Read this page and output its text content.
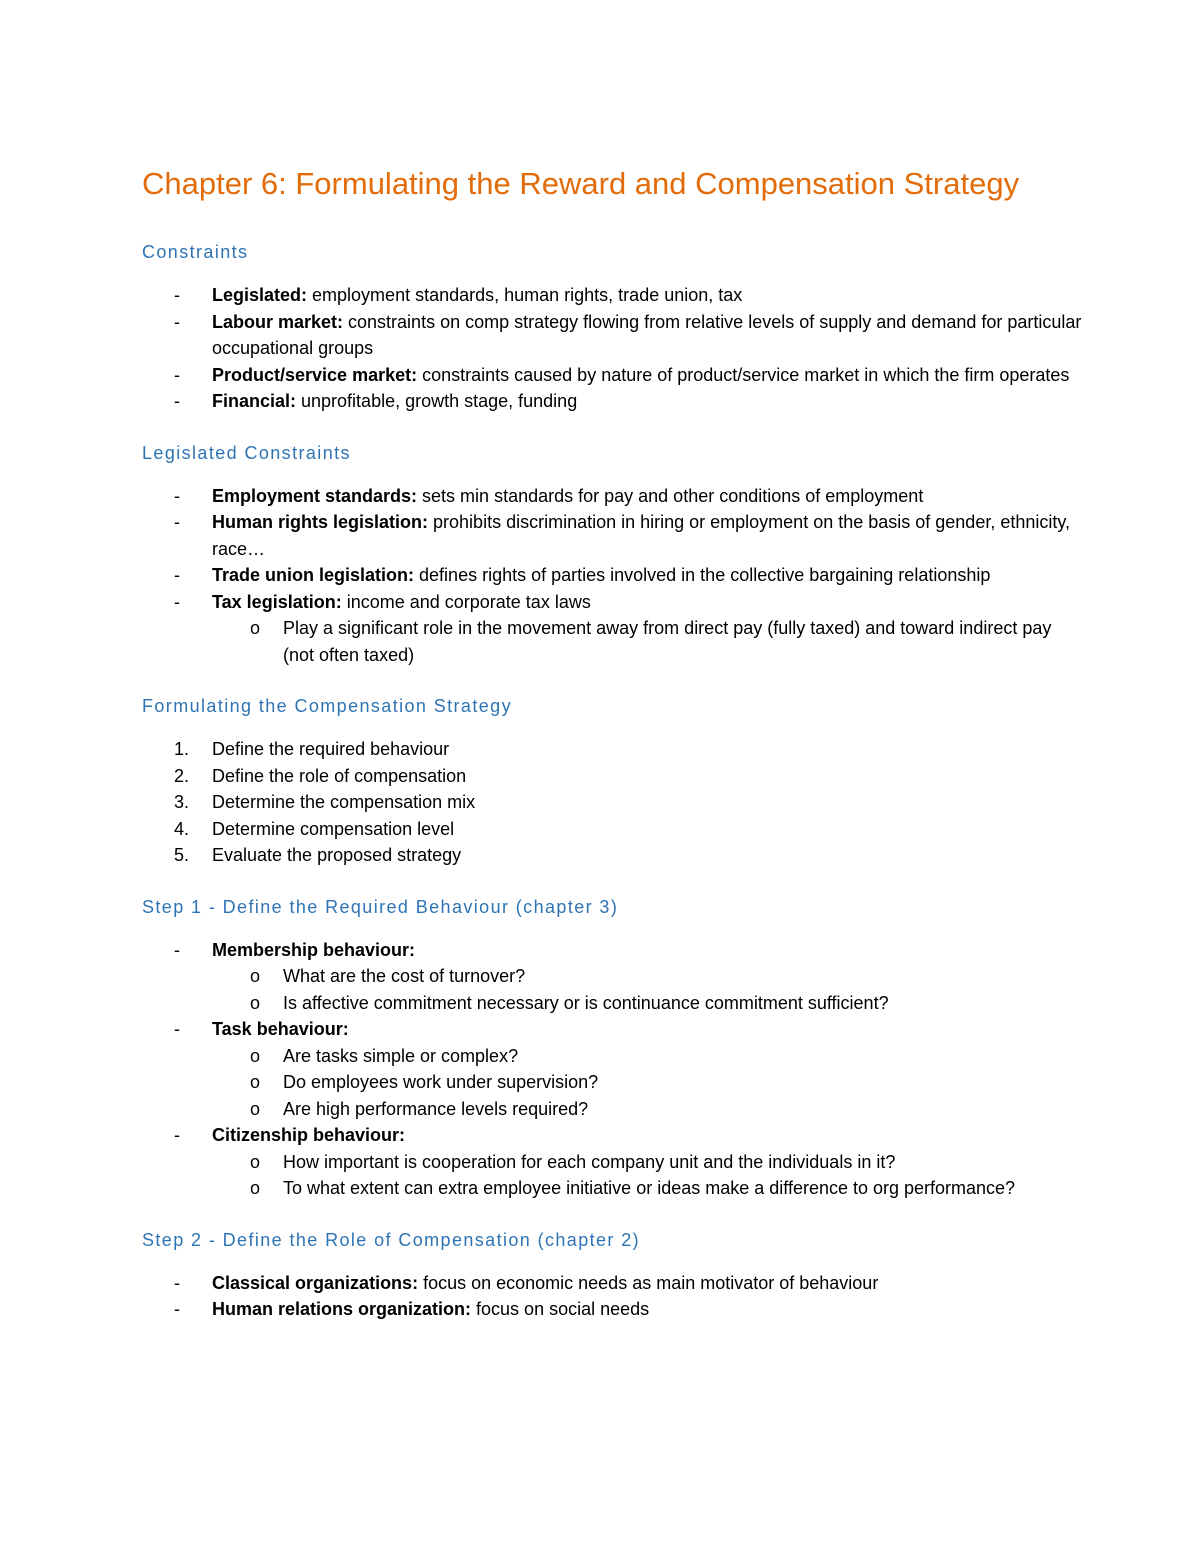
Chapter 6: Formulating the Reward and Compensation Strategy
Constraints
-	Legislated: employment standards, human rights, trade union, tax
-	Labour market: constraints on comp strategy flowing from relative levels of supply and demand for particular occupational groups
-	Product/service market: constraints caused by nature of product/service market in which the firm operates
-	Financial: unprofitable, growth stage, funding
Legislated Constraints
-	Employment standards: sets min standards for pay and other conditions of employment
-	Human rights legislation: prohibits discrimination in hiring or employment on the basis of gender, ethnicity, race…
-	Trade union legislation: defines rights of parties involved in the collective bargaining relationship
-	Tax legislation: income and corporate tax laws
o	Play a significant role in the movement away from direct pay (fully taxed) and toward indirect pay (not often taxed)
Formulating the Compensation Strategy
1. Define the required behaviour
2. Define the role of compensation
3. Determine the compensation mix
4. Determine compensation level
5. Evaluate the proposed strategy
Step 1 - Define the Required Behaviour (chapter 3)
-	Membership behaviour:
o	What are the cost of turnover?
o	Is affective commitment necessary or is continuance commitment sufficient?
-	Task behaviour:
o	Are tasks simple or complex?
o	Do employees work under supervision?
o	Are high performance levels required?
-	Citizenship behaviour:
o	How important is cooperation for each company unit and the individuals in it?
o	To what extent can extra employee initiative or ideas make a difference to org performance?
Step 2 - Define the Role of Compensation (chapter 2)
-	Classical organizations: focus on economic needs as main motivator of behaviour
-	Human relations organization: focus on social needs
